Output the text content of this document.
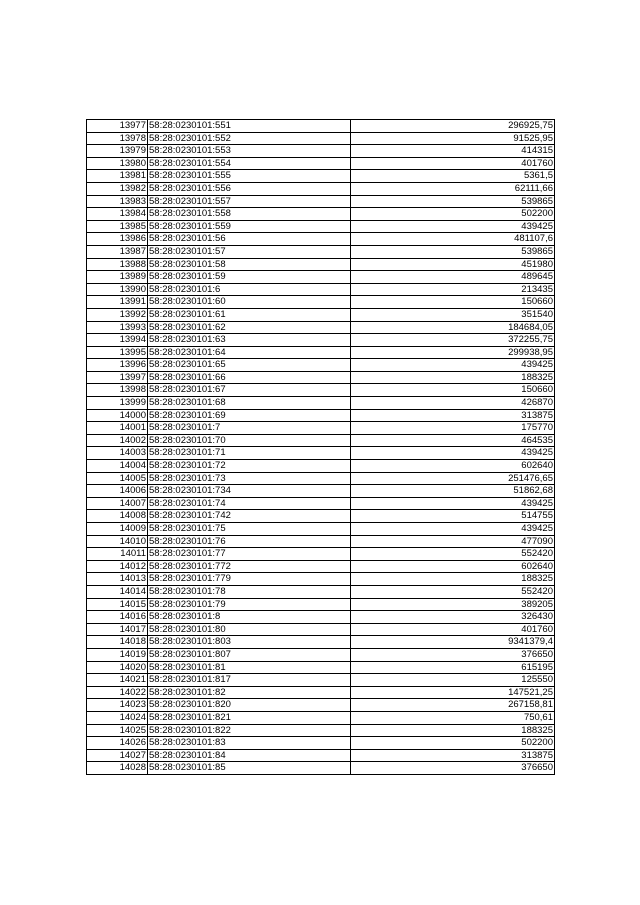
13977	58:28:0230101:551	296925,75
13978	58:28:0230101:552	91525,95
13979	58:28:0230101:553	414315
13980	58:28:0230101:554	401760
13981	58:28:0230101:555	5361,5
13982	58:28:0230101:556	62111,66
13983	58:28:0230101:557	539865
13984	58:28:0230101:558	502200
13985	58:28:0230101:559	439425
13986	58:28:0230101:56	481107,6
13987	58:28:0230101:57	539865
13988	58:28:0230101:58	451980
13989	58:28:0230101:59	489645
13990	58:28:0230101:6	213435
13991	58:28:0230101:60	150660
13992	58:28:0230101:61	351540
13993	58:28:0230101:62	184684,05
13994	58:28:0230101:63	372255,75
13995	58:28:0230101:64	299938,95
13996	58:28:0230101:65	439425
13997	58:28:0230101:66	188325
13998	58:28:0230101:67	150660
13999	58:28:0230101:68	426870
14000	58:28:0230101:69	313875
14001	58:28:0230101:7	175770
14002	58:28:0230101:70	464535
14003	58:28:0230101:71	439425
14004	58:28:0230101:72	602640
14005	58:28:0230101:73	251476,65
14006	58:28:0230101:734	51862,68
14007	58:28:0230101:74	439425
14008	58:28:0230101:742	514755
14009	58:28:0230101:75	439425
14010	58:28:0230101:76	477090
14011	58:28:0230101:77	552420
14012	58:28:0230101:772	602640
14013	58:28:0230101:779	188325
14014	58:28:0230101:78	552420
14015	58:28:0230101:79	389205
14016	58:28:0230101:8	326430
14017	58:28:0230101:80	401760
14018	58:28:0230101:803	9341379,4
14019	58:28:0230101:807	376650
14020	58:28:0230101:81	615195
14021	58:28:0230101:817	125550
14022	58:28:0230101:82	147521,25
14023	58:28:0230101:820	267158,81
14024	58:28:0230101:821	750,61
14025	58:28:0230101:822	188325
14026	58:28:0230101:83	502200
14027	58:28:0230101:84	313875
14028	58:28:0230101:85	376650
